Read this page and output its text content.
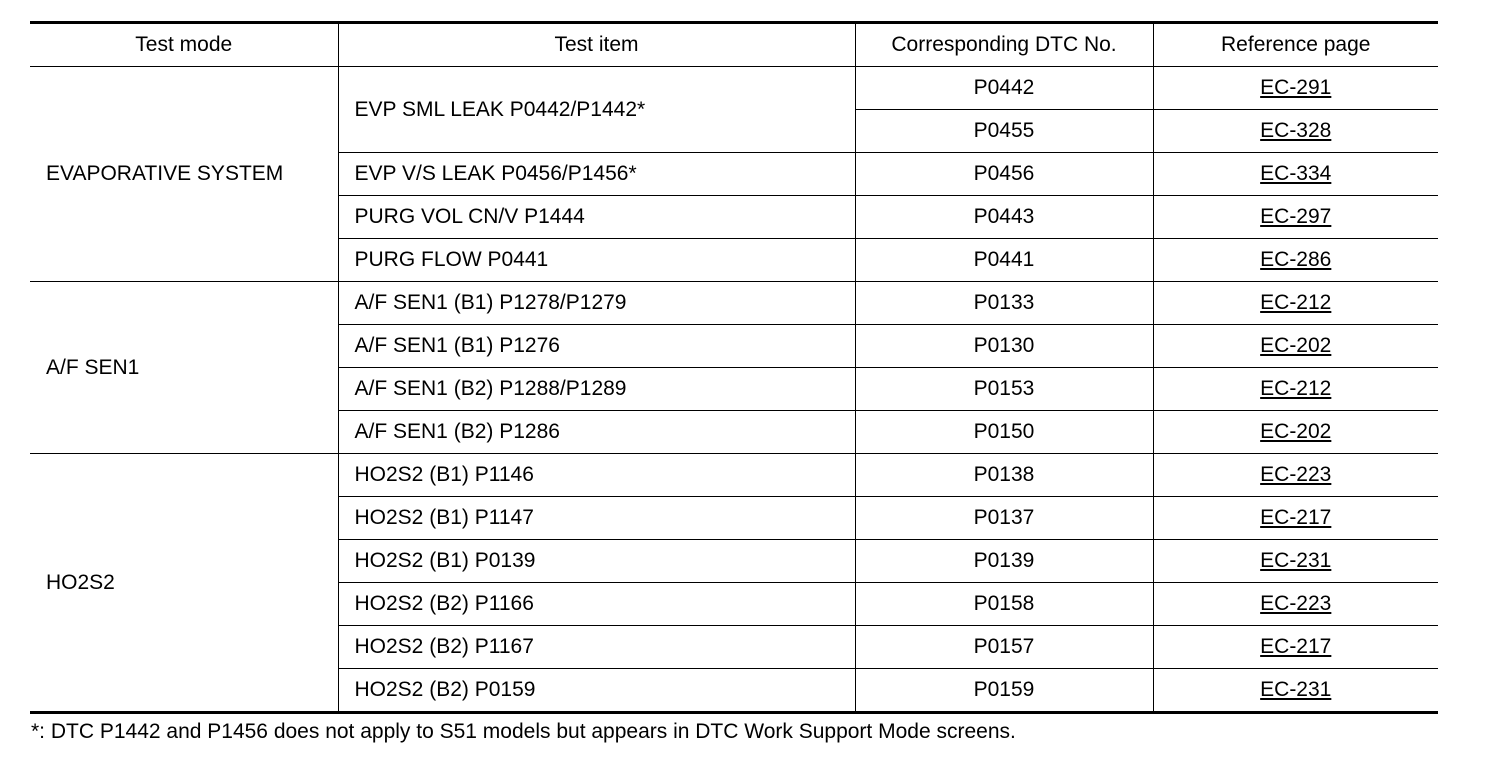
Test mode	Test item	Corresponding DTC No.	Reference page
EVAPORATIVE SYSTEM	EVP SML LEAK P0442/P1442*	P0442	EC-291
		P0455	EC-328
	EVP V/S LEAK P0456/P1456*	P0456	EC-334
	PURG VOL CN/V P1444	P0443	EC-297
	PURG FLOW P0441	P0441	EC-286
A/F SEN1	A/F SEN1 (B1) P1278/P1279	P0133	EC-212
	A/F SEN1 (B1) P1276	P0130	EC-202
	A/F SEN1 (B2) P1288/P1289	P0153	EC-212
	A/F SEN1 (B2) P1286	P0150	EC-202
HO2S2	HO2S2 (B1) P1146	P0138	EC-223
	HO2S2 (B1) P1147	P0137	EC-217
	HO2S2 (B1) P0139	P0139	EC-231
	HO2S2 (B2) P1166	P0158	EC-223
	HO2S2 (B2) P1167	P0157	EC-217
	HO2S2 (B2) P0159	P0159	EC-231
*: DTC P1442 and P1456 does not apply to S51 models but appears in DTC Work Support Mode screens.
